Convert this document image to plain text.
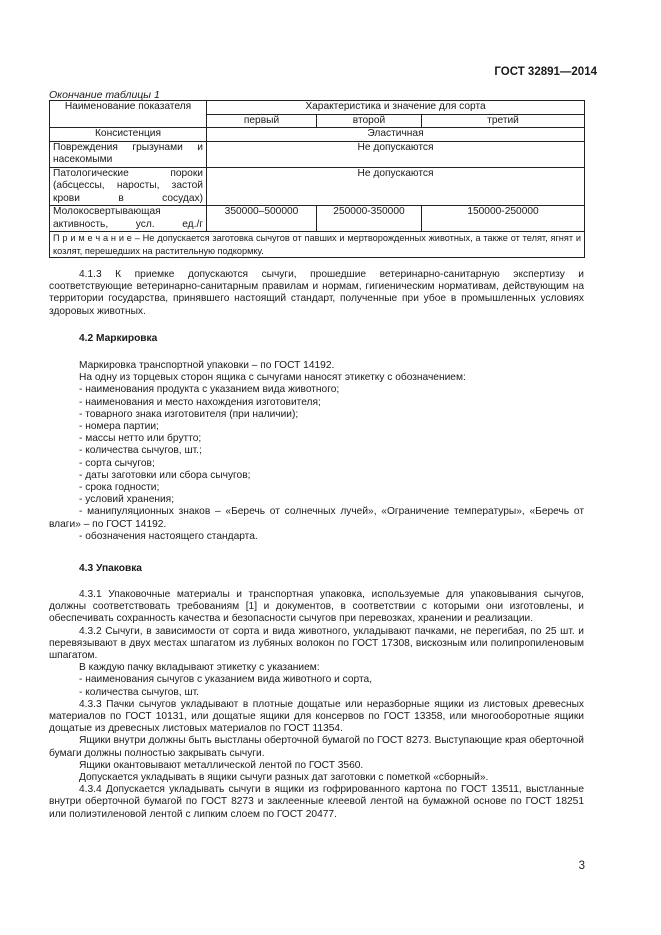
ГОСТ 32891—2014
Окончание таблицы 1
Наименование показателя	Характеристика и значение для сорта		
	первый	второй	третий
Консистенция	Эластичная		
Повреждения грызунами и насекомыми	Не допускаются		
Патологические пороки (абсцессы, наросты, застой крови в сосудах)	Не допускаются		
Молокосвертывающая активность, усл. ед./г	350000–500000	250000-350000	150000-250000
П р и м е ч а н и е – Не допускается заготовка сычугов от павших и мертворожденных животных, а также от телят, ягнят и козлят, перешедших на растительную подкормку.			

4.1.3 К приемке допускаются сычуги, прошедшие ветеринарно-санитарную экспертизу и соответствующие ветеринарно-санитарным правилам и нормам, гигиеническим нормативам, действующим на территории государства, принявшего настоящий стандарт, полученные при убое в промышленных условиях здоровых животных.

4.2 Маркировка

Маркировка транспортной упаковки – по ГОСТ 14192.

На одну из торцевых сторон ящика с сычугами наносят этикетку с обозначением:

- наименования продукта с указанием вида животного;

- наименования и место нахождения изготовителя;

- товарного знака изготовителя (при наличии);

- номера партии;

- массы нетто или брутто;

- количества сычугов, шт.;

- сорта сычугов;

- даты заготовки или сбора сычугов;

- срока годности;

- условий хранения;

- манипуляционных знаков – «Беречь от солнечных лучей», «Ограничение температуры», «Беречь от влаги» – по ГОСТ 14192.

- обозначения настоящего стандарта.

4.3 Упаковка

4.3.1 Упаковочные материалы и транспортная упаковка, используемые для упаковывания сычугов, должны соответствовать требованиям [1] и документов, в соответствии с которыми они изготовлены, и обеспечивать сохранность качества и безопасности сычугов при перевозках, хранении и реализации.

4.3.2 Сычуги, в зависимости от сорта и вида животного, укладывают пачками, не перегибая, по 25 шт. и перевязывают в двух местах шпагатом из лубяных волокон по ГОСТ 17308, вискозным или полипропиленовым шпагатом.

В каждую пачку вкладывают этикетку с указанием:

- наименования сычугов с указанием вида животного и сорта,

- количества сычугов, шт.

4.3.3 Пачки сычугов укладывают в плотные дощатые или неразборные ящики из листовых древесных материалов по ГОСТ 10131, или дощатые ящики для консервов по ГОСТ 13358, или многооборотные ящики дощатые из древесных листовых материалов по ГОСТ 11354.

Ящики внутри должны быть выстланы оберточной бумагой по ГОСТ 8273. Выступающие края оберточной бумаги должны полностью закрывать сычуги.

Ящики окантовывают металлической лентой по ГОСТ 3560.

Допускается укладывать в ящики сычуги разных дат заготовки с пометкой «сборный».

4.3.4 Допускается укладывать сычуги в ящики из гофрированного картона по ГОСТ 13511, выстланные внутри оберточной бумагой по ГОСТ 8273 и заклеенные клеевой лентой на бумажной основе по ГОСТ 18251 или полиэтиленовой лентой с липким слоем по ГОСТ 20477.

3
